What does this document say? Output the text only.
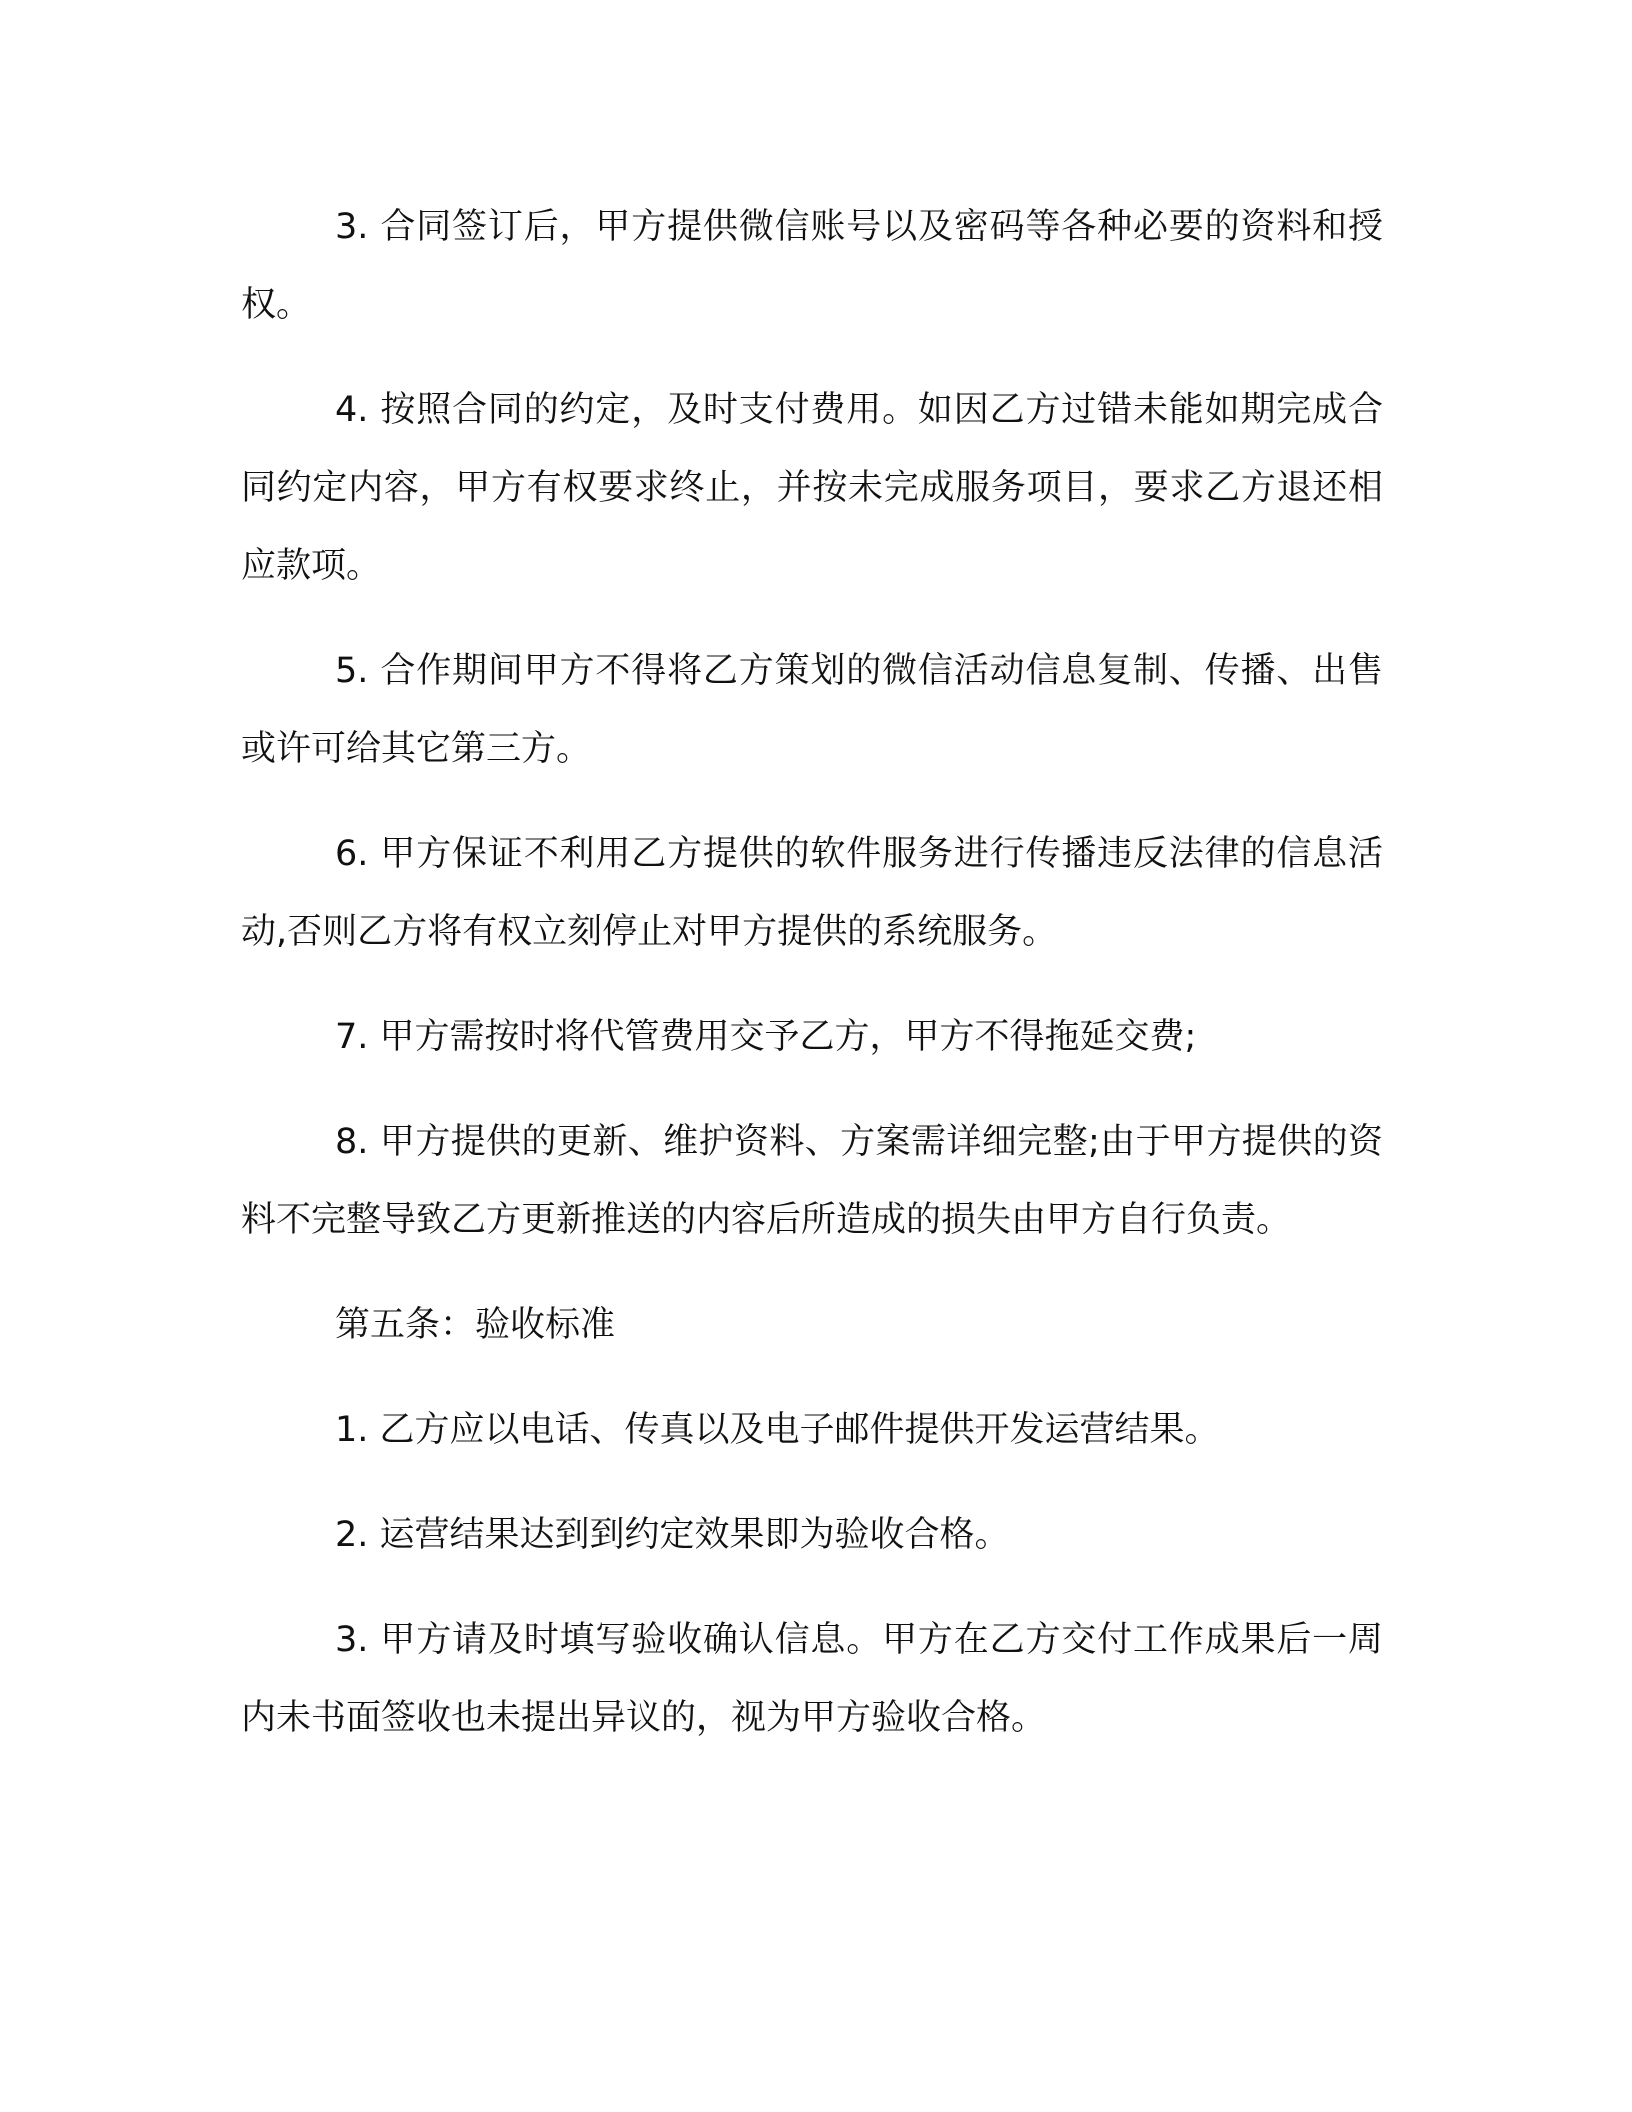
3. 合同签订后，甲方提供微信账号以及密码等各种必要的资料和授权。

4. 按照合同的约定，及时支付费用。如因乙方过错未能如期完成合同约定内容，甲方有权要求终止，并按未完成服务项目，要求乙方退还相应款项。

5. 合作期间甲方不得将乙方策划的微信活动信息复制、传播、出售或许可给其它第三方。

6. 甲方保证不利用乙方提供的软件服务进行传播违反法律的信息活动,否则乙方将有权立刻停止对甲方提供的系统服务。

7. 甲方需按时将代管费用交予乙方，甲方不得拖延交费;

8. 甲方提供的更新、维护资料、方案需详细完整;由于甲方提供的资料不完整导致乙方更新推送的内容后所造成的损失由甲方自行负责。

第五条：验收标准

1. 乙方应以电话、传真以及电子邮件提供开发运营结果。

2. 运营结果达到到约定效果即为验收合格。

3. 甲方请及时填写验收确认信息。甲方在乙方交付工作成果后一周内未书面签收也未提出异议的，视为甲方验收合格。
